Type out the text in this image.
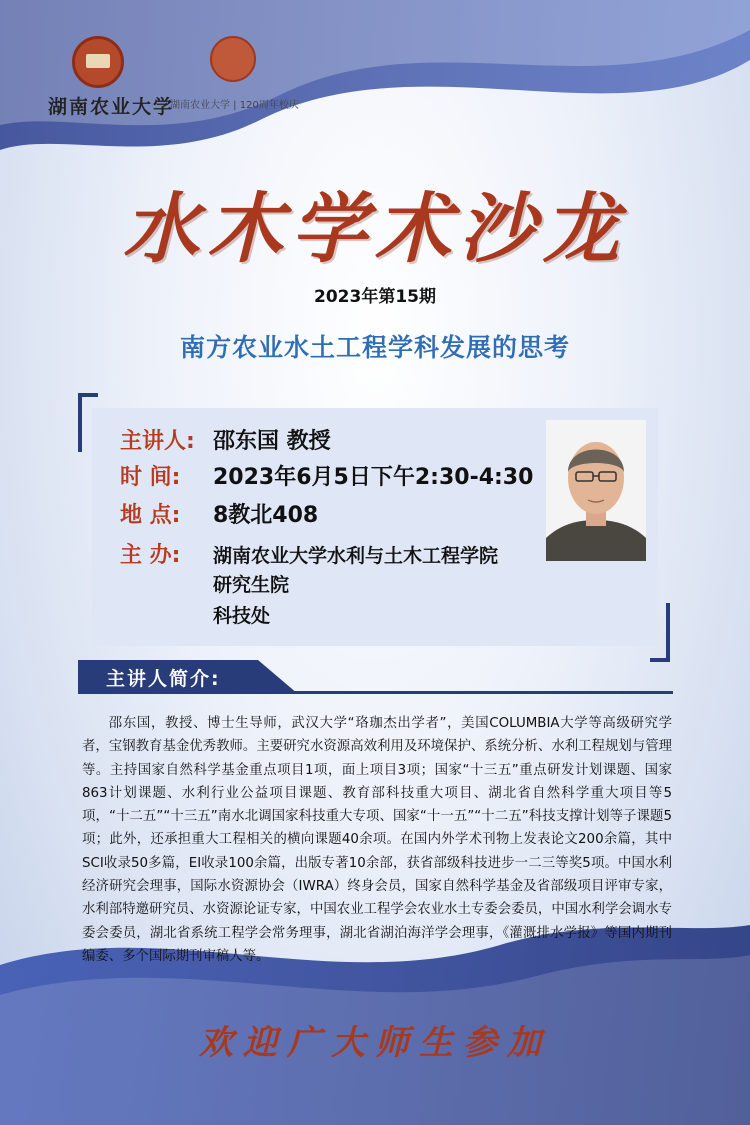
湖南农业大学
湖南农业大学 | 120周年校庆
水木学术沙龙
2023年第15期
南方农业水土工程学科发展的思考
主讲人: 邵东国 教授
时 间: 2023年6月5日下午2:30-4:30
地 点: 8教北408
主 办: 湖南农业大学水利与土木工程学院
研究生院
科技处
主讲人简介:
邵东国，教授、博士生导师，武汉大学“珞珈杰出学者”，美国COLUMBIA大学等高级研究学者，宝钢教育基金优秀教师。主要研究水资源高效利用及环境保护、系统分析、水利工程规划与管理等。主持国家自然科学基金重点项目1项，面上项目3项；国家“十三五”重点研发计划课题、国家863计划课题、水利行业公益项目课题、教育部科技重大项目、湖北省自然科学重大项目等5项，“十二五”“十三五”南水北调国家科技重大专项、国家“十一五”“十二五”科技支撑计划等子课题5项；此外，还承担重大工程相关的横向课题40余项。在国内外学术刊物上发表论文200余篇，其中SCI收录50多篇，EI收录100余篇，出版专著10余部，获省部级科技进步一二三等奖5项。中国水利经济研究会理事，国际水资源协会（IWRA）终身会员，国家自然科学基金及省部级项目评审专家，水利部特邀研究员、水资源论证专家，中国农业工程学会农业水土专委会委员，中国水利学会调水专委会委员，湖北省系统工程学会常务理事，湖北省湖泊海洋学会理事，《灌溉排水学报》等国内期刊编委、多个国际期刊审稿人等。
欢迎广大师生参加
